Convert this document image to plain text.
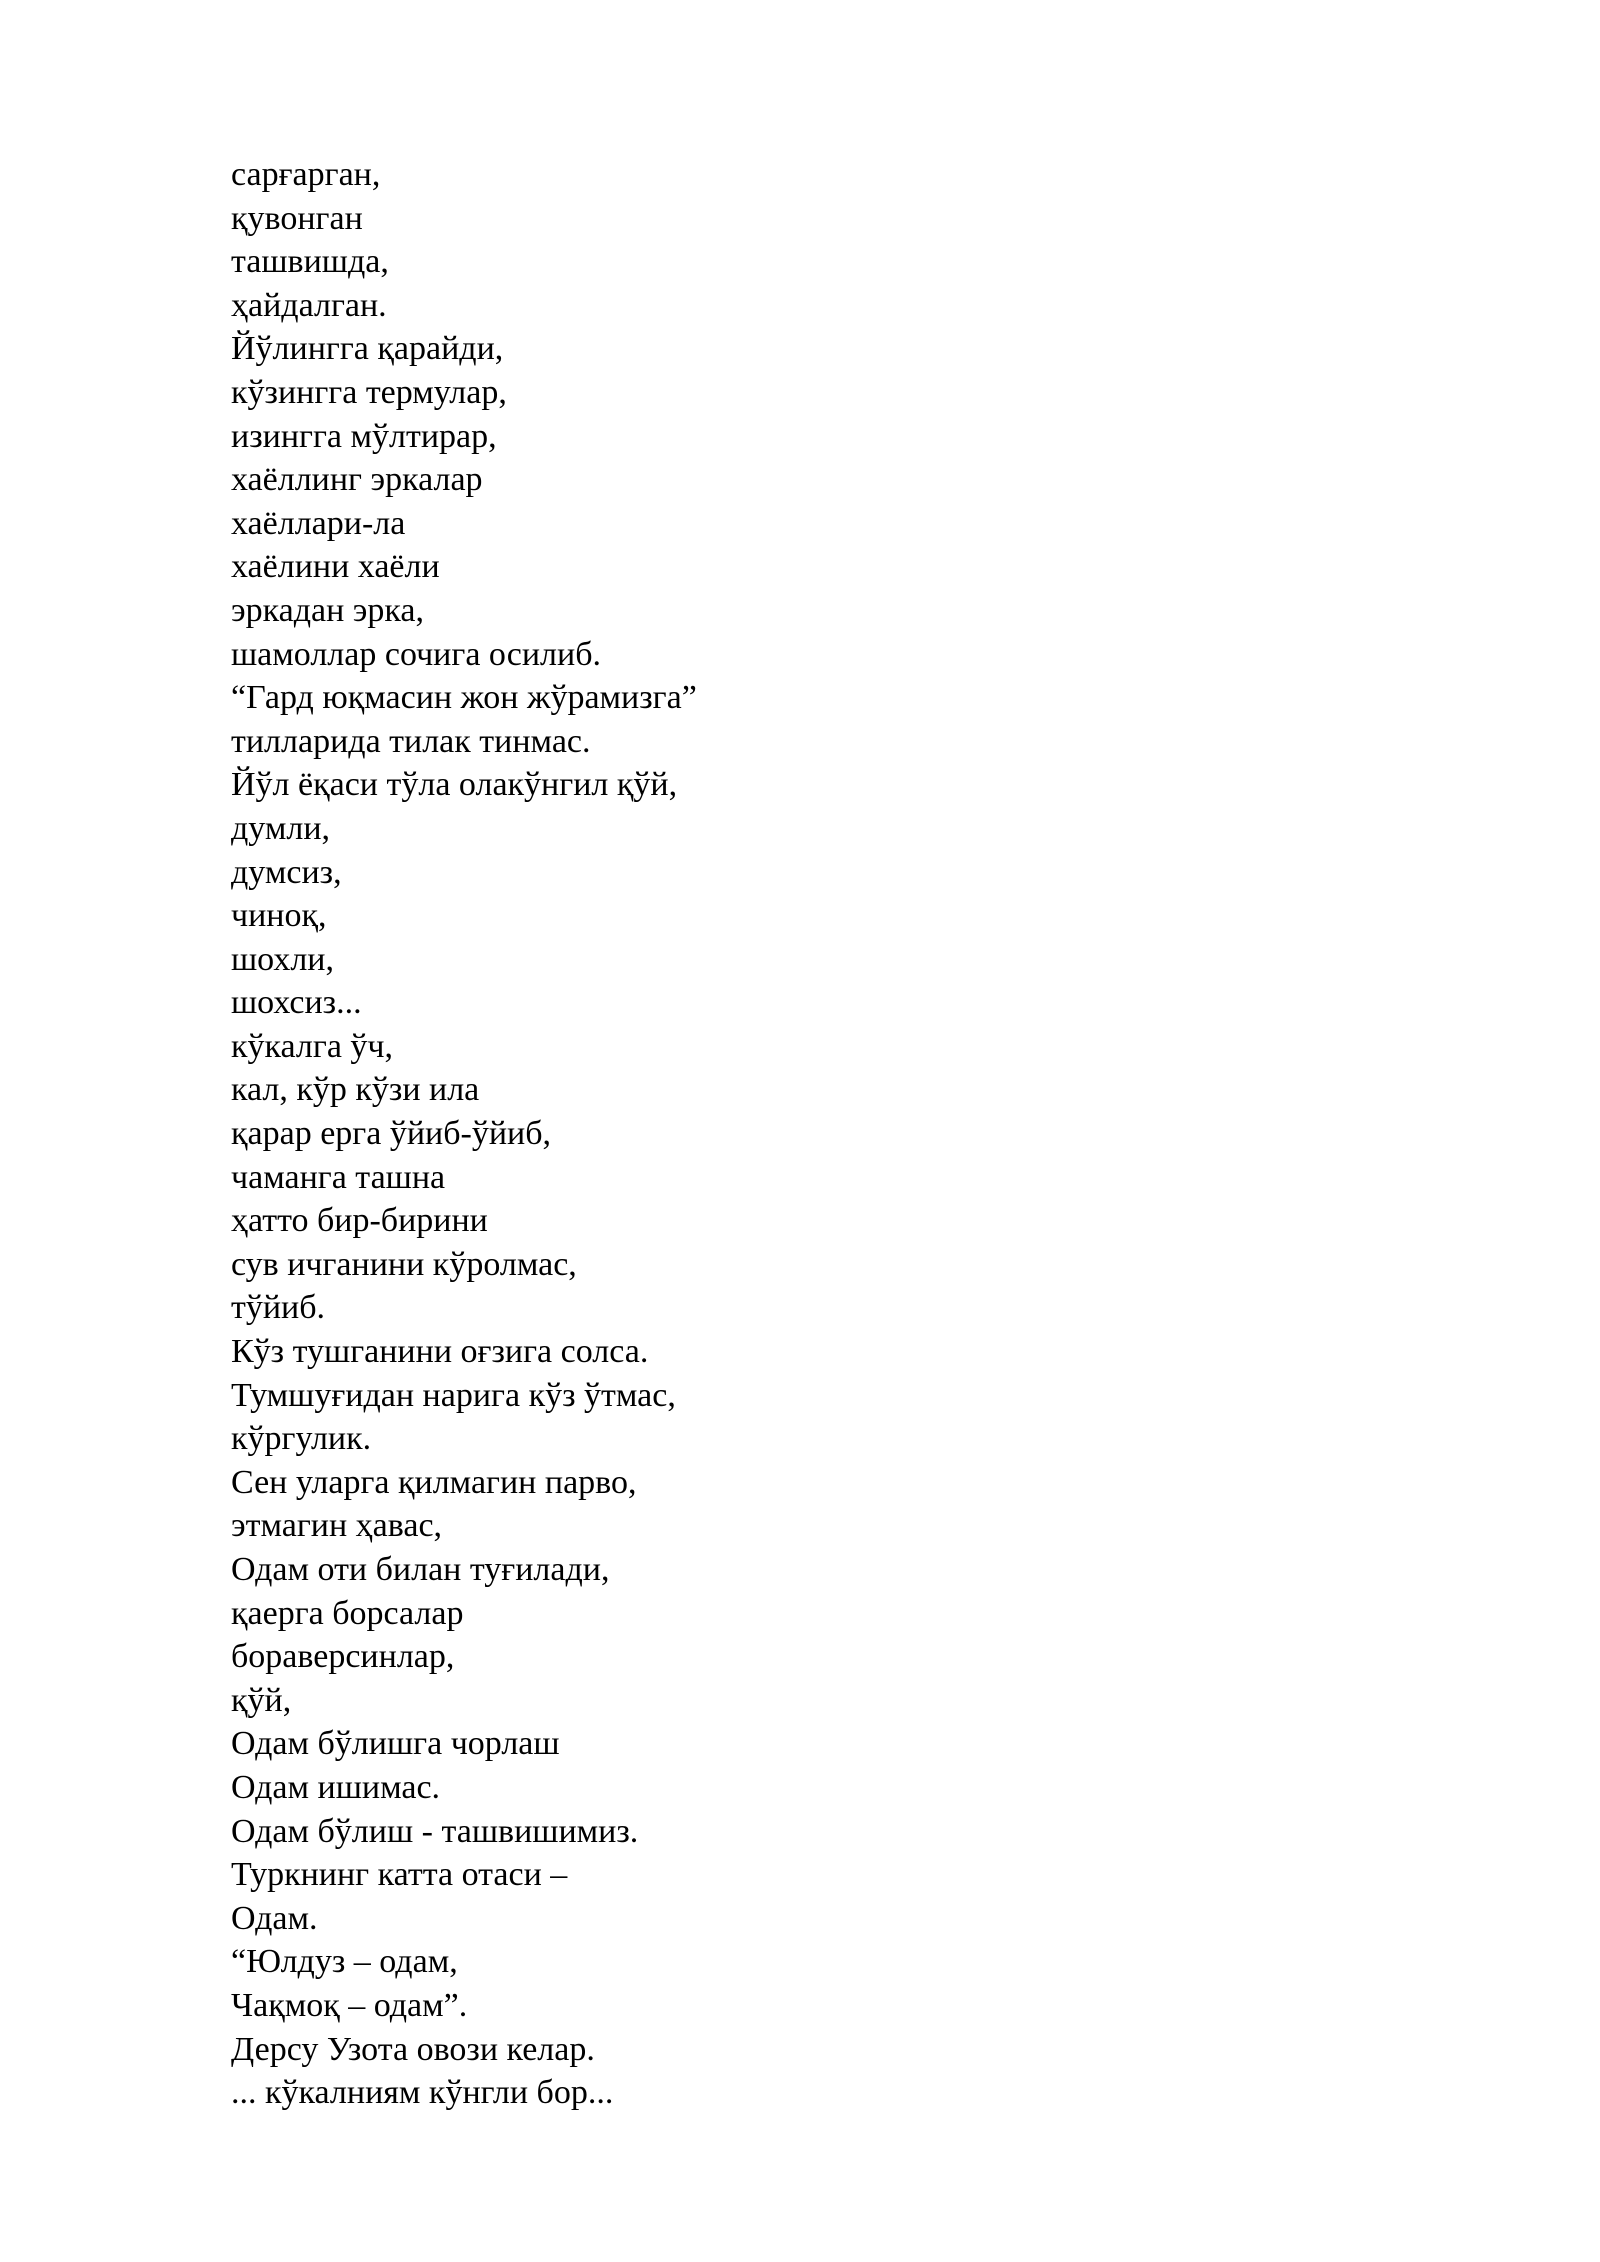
сарғарган,
қувонган
ташвишда,
ҳайдалган.
Йўлингга қарайди,
кўзингга термулар,
изингга мўлтирар,
хаёллинг эркалар
хаёллари-ла
хаёлини хаёли
эркадан эрка,
шамоллар сочига осилиб.
“Гард юқмасин жон жўрамизга”
тилларида тилак тинмас.
Йўл ёқаси тўла олакўнгил қўй,
думли,
думсиз,
чиноқ,
шохли,
шохсиз...
кўкалга ўч,
кал, кўр кўзи ила
қарар ерга ўйиб-ўйиб,
чаманга ташна
ҳатто бир-бирини
сув ичганини кўролмас,
тўйиб.
Кўз тушганини оғзига солса.
Тумшуғидан нарига кўз ўтмас,
кўргулик.
Сен уларга қилмагин парво,
этмагин ҳавас,
Одам оти билан туғилади,
қаерга борсалар
бораверсинлар,
қўй,
Одам бўлишга чорлаш
Одам ишимас.
Одам бўлиш - ташвишимиз.
Туркнинг катта отаси –
Одам.
“Юлдуз – одам,
Чақмоқ – одам”.
Дерсу Узота овози келар.
... кўкалниям кўнгли бор...
